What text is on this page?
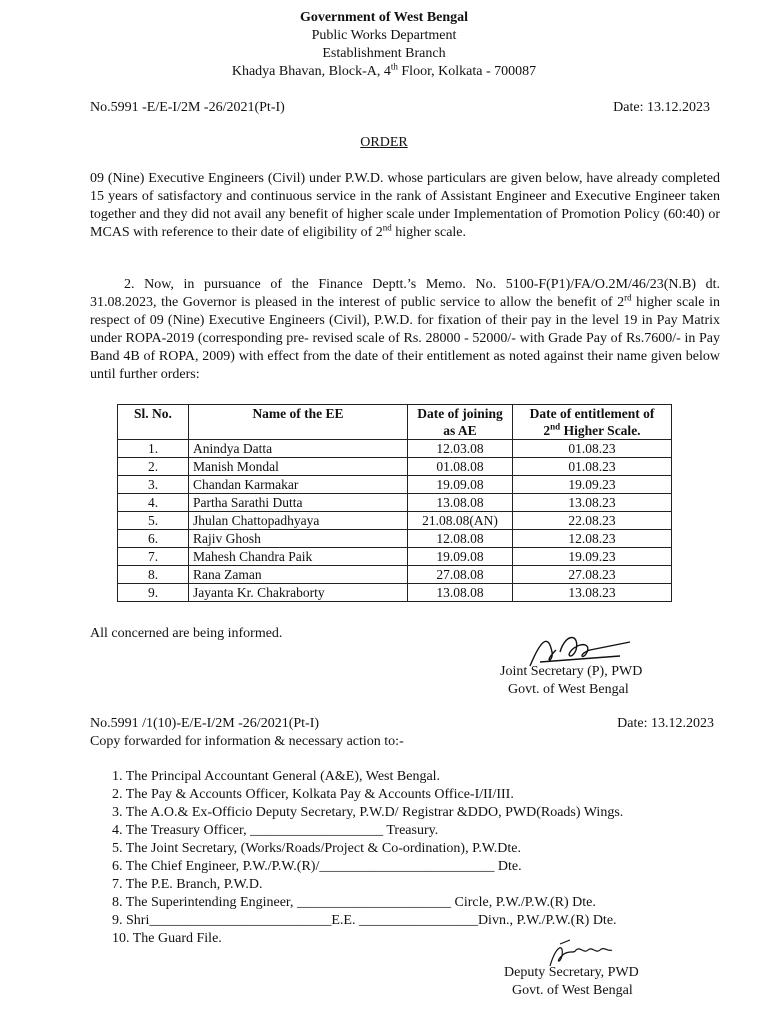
Government of West Bengal
Public Works Department
Establishment Branch
Khadya Bhavan, Block-A, 4th Floor, Kolkata - 700087
No.5991 -E/E-I/2M -26/2021(Pt-I)	Date: 13.12.2023
ORDER

09 (Nine) Executive Engineers (Civil) under P.W.D. whose particulars are given below, have already completed 15 years of satisfactory and continuous service in the rank of Assistant Engineer and Executive Engineer taken together and they did not avail any benefit of higher scale under Implementation of Promotion Policy (60:40) or MCAS with reference to their date of eligibility of 2nd higher scale.

2. Now, in pursuance of the Finance Deptt.’s Memo. No. 5100-F(P1)/FA/O.2M/46/23(N.B) dt. 31.08.2023, the Governor is pleased in the interest of public service to allow the benefit of 2rd higher scale in respect of 09 (Nine) Executive Engineers (Civil), P.W.D. for fixation of their pay in the level 19 in Pay Matrix under ROPA-2019 (corresponding pre- revised scale of Rs. 28000 - 52000/- with Grade Pay of Rs.7600/- in Pay Band 4B of ROPA, 2009) with effect from the date of their entitlement as noted against their name given below until further orders:

Sl. No.	Name of the EE	Date of joining as AE	Date of entitlement of
2nd Higher Scale.
1.	Anindya Datta	12.03.08	01.08.23
2.	Manish Mondal	01.08.08	01.08.23
3.	Chandan Karmakar	19.09.08	19.09.23
4.	Partha Sarathi Dutta	13.08.08	13.08.23
5.	Jhulan Chattopadhyaya	21.08.08(AN)	22.08.23
6.	Rajiv Ghosh	12.08.08	12.08.23
7.	Mahesh Chandra Paik	19.09.08	19.09.23
8.	Rana Zaman	27.08.08	27.08.23
9.	Jayanta Kr. Chakraborty	13.08.08	13.08.23
All concerned are being informed.
Joint Secretary (P), PWD
Govt. of West Bengal
No.5991 /1(10)-E/E-I/2M -26/2021(Pt-I)	Date: 13.12.2023
Copy forwarded for information & necessary action to:-
1. The Principal Accountant General (A&E), West Bengal.
2. The Pay & Accounts Officer, Kolkata Pay & Accounts Office-I/II/III.
3. The A.O.& Ex-Officio Deputy Secretary, P.W.D/ Registrar &DDO, PWD(Roads) Wings.
4. The Treasury Officer, ___________________ Treasury.
5. The Joint Secretary, (Works/Roads/Project & Co-ordination), P.W.Dte.
6. The Chief Engineer, P.W./P.W.(R)/_________________________ Dte.
7. The P.E. Branch, P.W.D.
8. The Superintending Engineer, ______________________ Circle, P.W./P.W.(R) Dte.
9. Shri__________________________E.E. _________________Divn., P.W./P.W.(R) Dte.
10. The Guard File.
Deputy Secretary, PWD
Govt. of West Bengal
